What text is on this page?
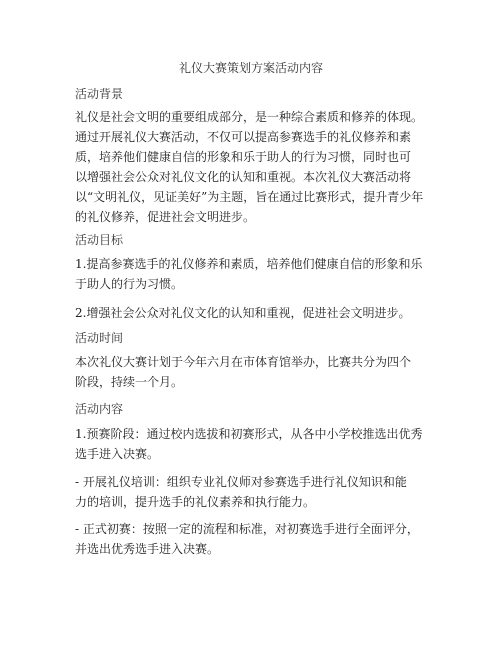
礼仪大赛策划方案活动内容
活动背景
礼仪是社会文明的重要组成部分，是一种综合素质和修养的体现。
通过开展礼仪大赛活动，不仅可以提高参赛选手的礼仪修养和素
质，培养他们健康自信的形象和乐于助人的行为习惯，同时也可
以增强社会公众对礼仪文化的认知和重视。本次礼仪大赛活动将
以“文明礼仪，见证美好”为主题，旨在通过比赛形式，提升青少年
的礼仪修养，促进社会文明进步。
活动目标
1.提高参赛选手的礼仪修养和素质，培养他们健康自信的形象和乐
于助人的行为习惯。
2.增强社会公众对礼仪文化的认知和重视，促进社会文明进步。
活动时间
本次礼仪大赛计划于今年六月在市体育馆举办，比赛共分为四个
阶段，持续一个月。
活动内容
1.预赛阶段：通过校内选拔和初赛形式，从各中小学校推选出优秀
选手进入决赛。
- 开展礼仪培训：组织专业礼仪师对参赛选手进行礼仪知识和能
力的培训，提升选手的礼仪素养和执行能力。
- 正式初赛：按照一定的流程和标准，对初赛选手进行全面评分，
并选出优秀选手进入决赛。
